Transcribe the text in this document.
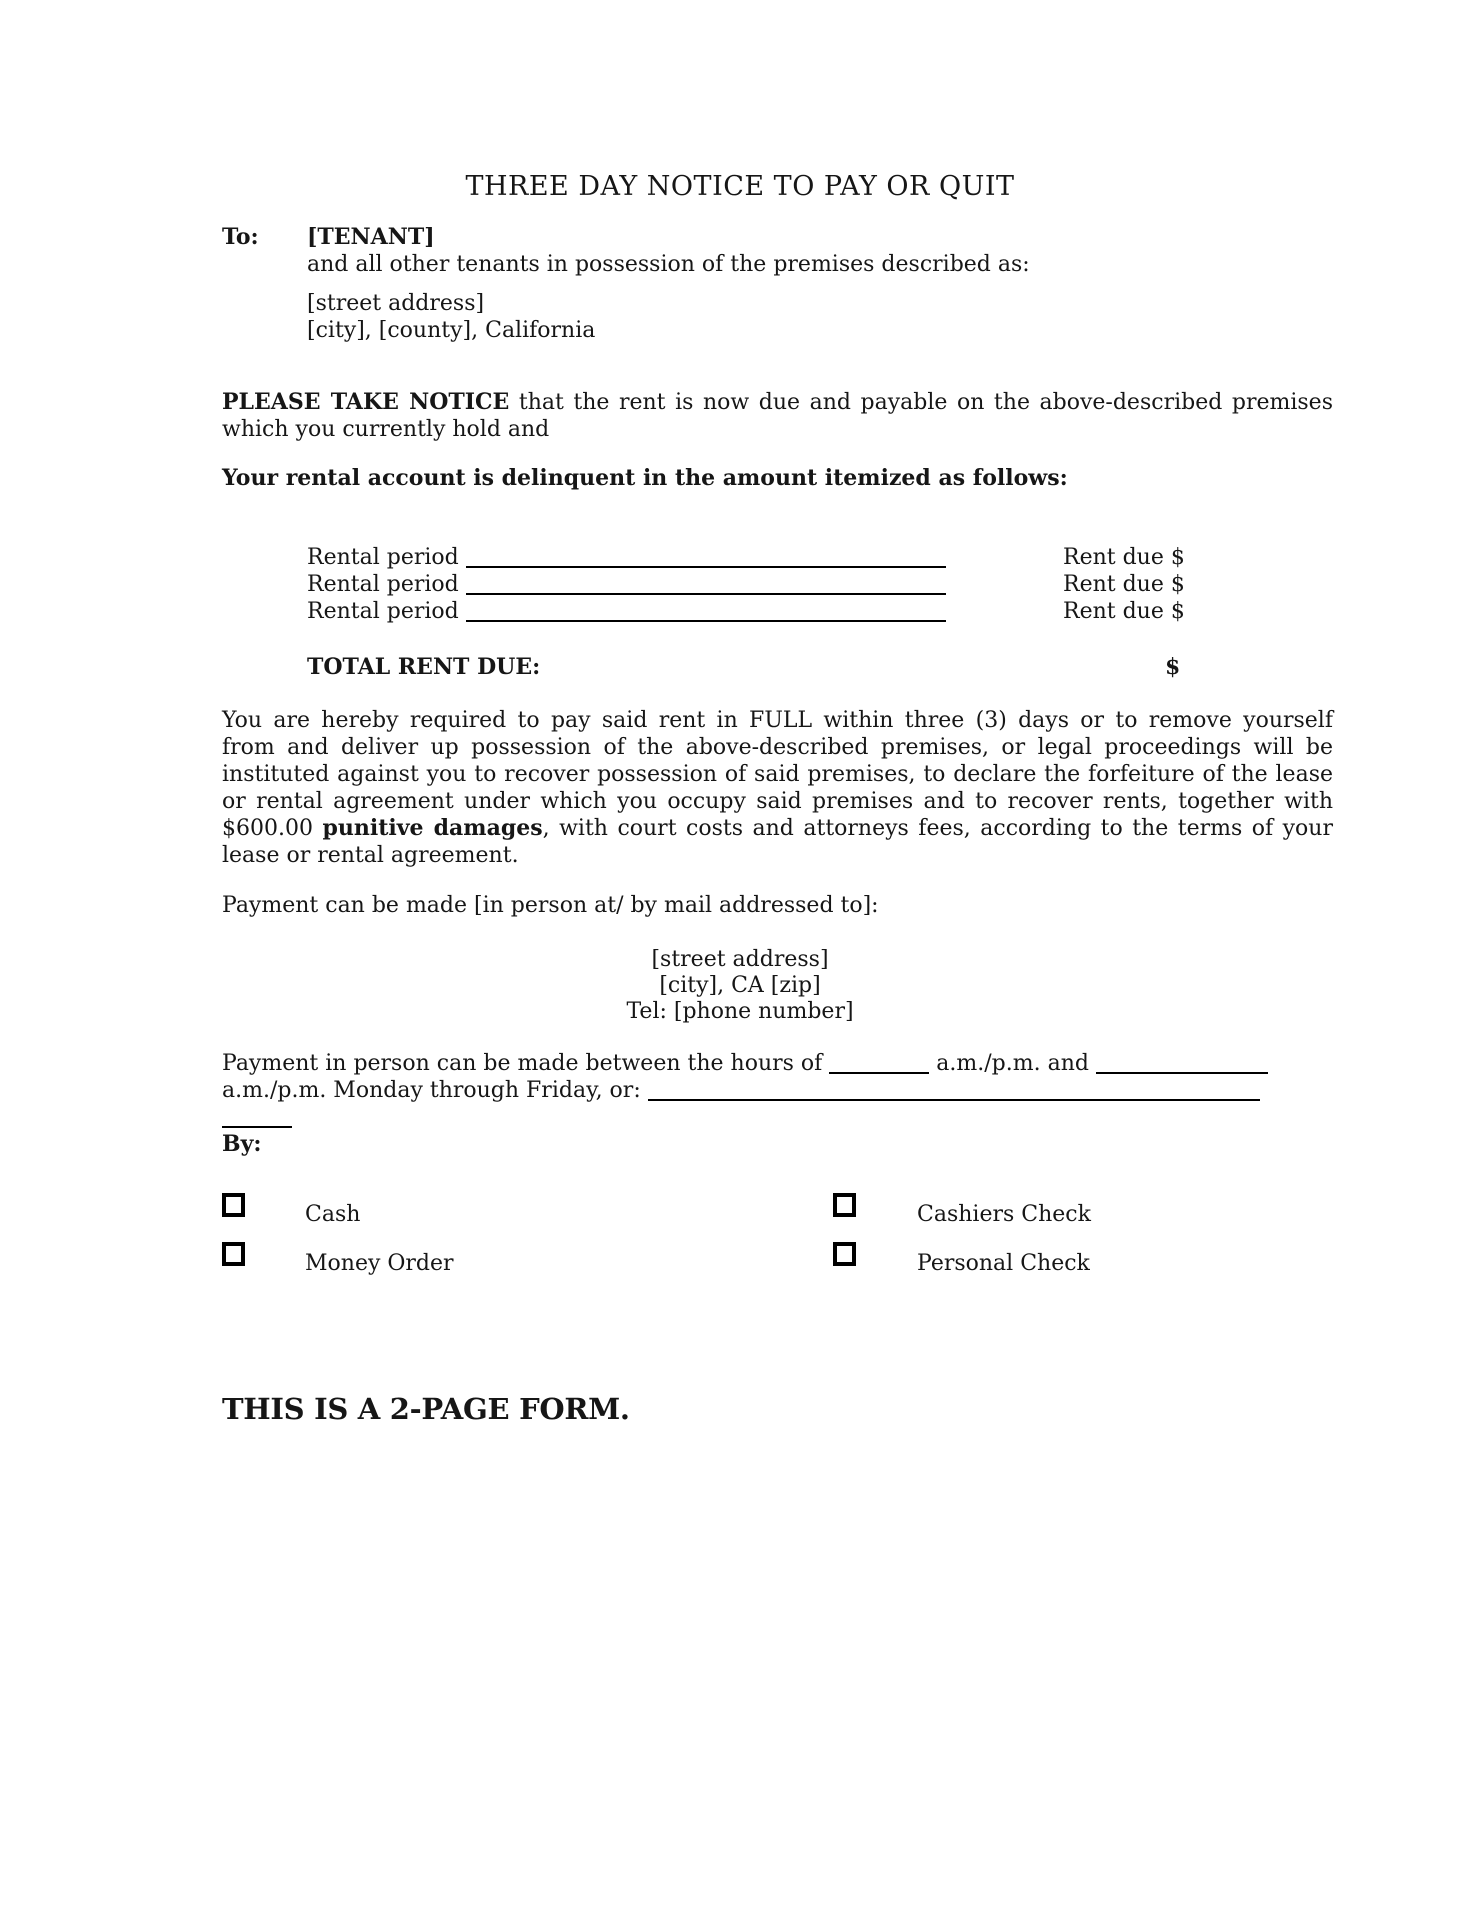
THREE DAY NOTICE TO PAY OR QUIT
To:	[TENANT]
and all other tenants in possession of the premises described as:
[street address]
[city], [county], California
PLEASE TAKE NOTICE that the rent is now due and payable on the above-described premises
which you currently hold and
Your rental account is delinquent in the amount itemized as follows:
Rental period	Rent due $
Rental period	Rent due $
Rental period	Rent due $
TOTAL RENT DUE:	$
You are hereby required to pay said rent in FULL within three (3) days or to remove yourself
from and deliver up possession of the above-described premises, or legal proceedings will be
instituted against you to recover possession of said premises, to declare the forfeiture of the lease
or rental agreement under which you occupy said premises and to recover rents, together with
$600.00 punitive damages, with court costs and attorneys fees, according to the terms of your
lease or rental agreement.
Payment can be made [in person at/ by mail addressed to]:
[street address]
[city], CA [zip]
Tel: [phone number]
Payment in person can be made between the hours of	a.m./p.m. and
a.m./p.m. Monday through Friday, or:
By:
Cash	Cashiers Check
Money Order	Personal Check
THIS IS A 2-PAGE FORM.
